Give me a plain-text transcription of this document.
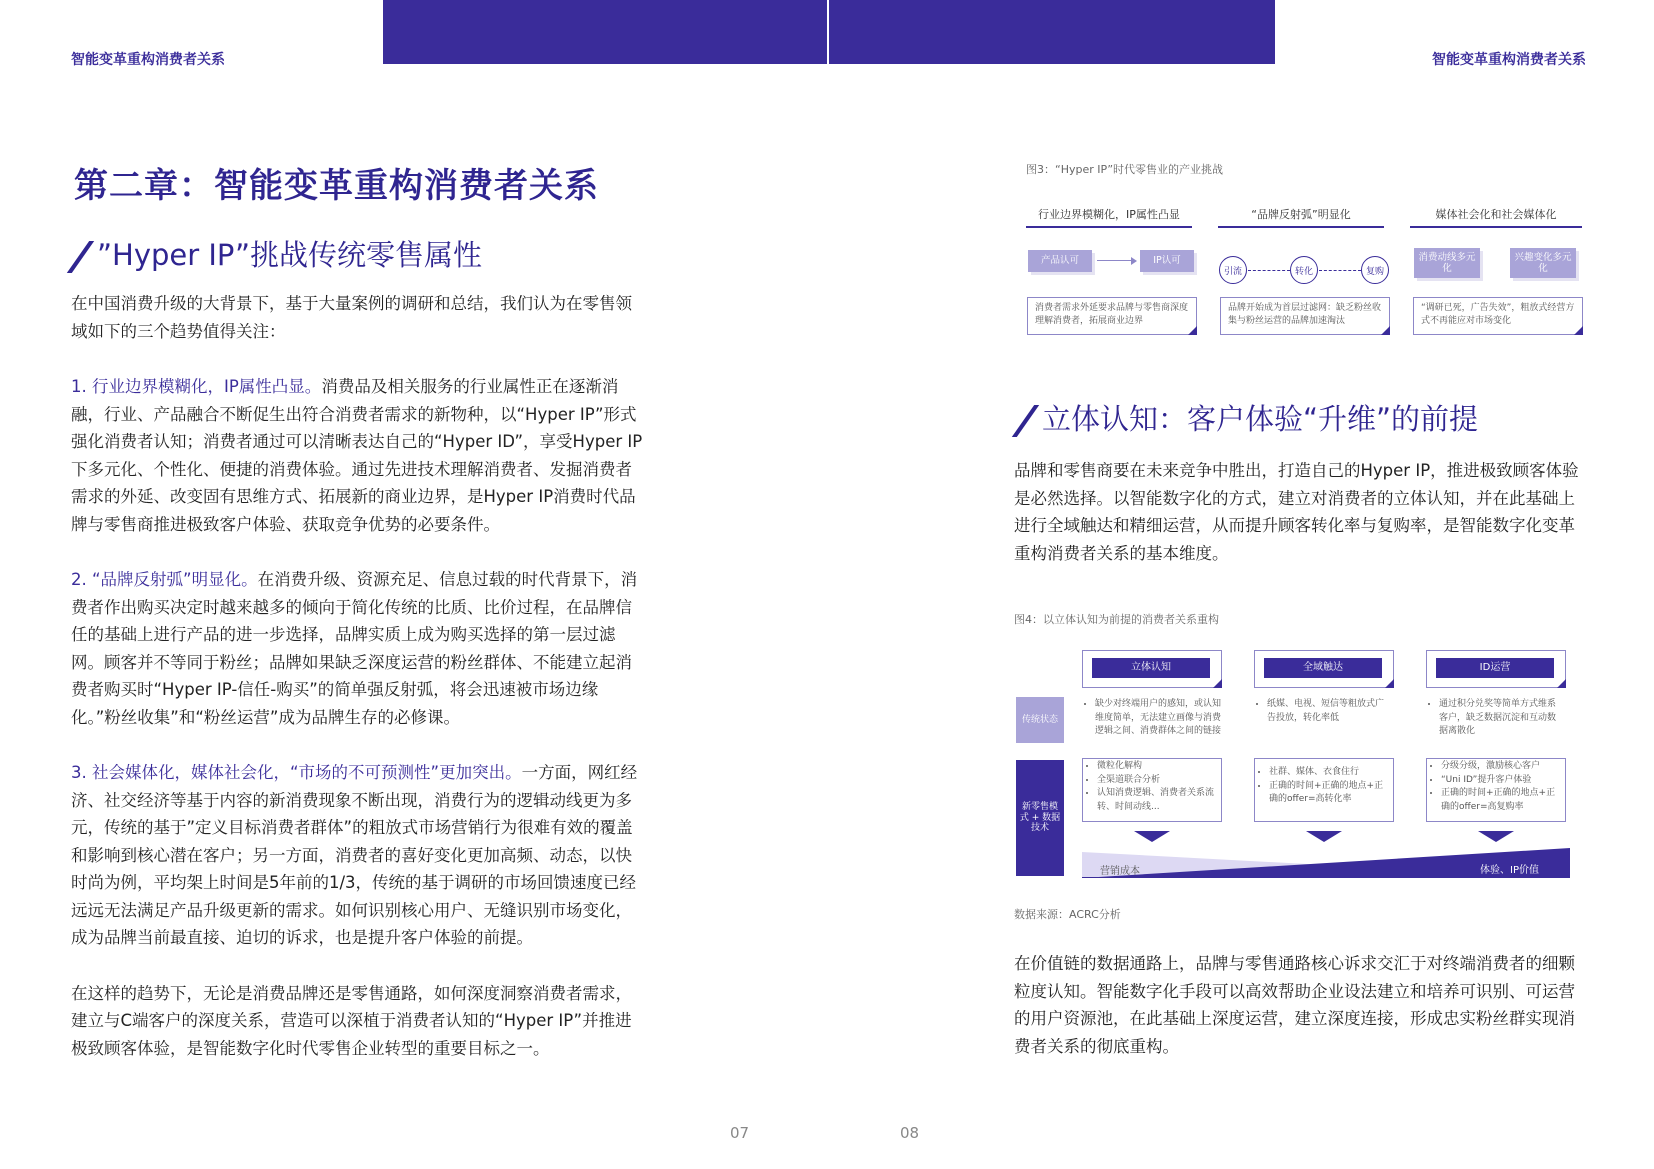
智能变革重构消费者关系	智能变革重构消费者关系
第二章：智能变革重构消费者关系
”Hyper IP”挑战传统零售属性

在中国消费升级的大背景下，基于大量案例的调研和总结，我们认为在零售领域如下的三个趋势值得关注：

1. 行业边界模糊化，IP属性凸显。消费品及相关服务的行业属性正在逐渐消融，行业、产品融合不断促生出符合消费者需求的新物种，以“Hyper IP”形式强化消费者认知；消费者通过可以清晰表达自己的“Hyper ID”，享受Hyper IP下多元化、个性化、便捷的消费体验。通过先进技术理解消费者、发掘消费者需求的外延、改变固有思维方式、拓展新的商业边界，是Hyper IP消费时代品牌与零售商推进极致客户体验、获取竞争优势的必要条件。

2. “品牌反射弧”明显化。在消费升级、资源充足、信息过载的时代背景下，消费者作出购买决定时越来越多的倾向于简化传统的比质、比价过程，在品牌信任的基础上进行产品的进一步选择，品牌实质上成为购买选择的第一层过滤网。顾客并不等同于粉丝；品牌如果缺乏深度运营的粉丝群体、不能建立起消费者购买时“Hyper IP-信任-购买”的简单强反射弧，将会迅速被市场边缘化。”粉丝收集”和“粉丝运营”成为品牌生存的必修课。

3. 社会媒体化，媒体社会化，“市场的不可预测性”更加突出。一方面，网红经济、社交经济等基于内容的新消费现象不断出现，消费行为的逻辑动线更为多元，传统的基于”定义目标消费者群体”的粗放式市场营销行为很难有效的覆盖和影响到核心潜在客户；另一方面，消费者的喜好变化更加高频、动态，以快时尚为例，平均架上时间是5年前的1/3，传统的基于调研的市场回馈速度已经远远无法满足产品升级更新的需求。如何识别核心用户、无缝识别市场变化，成为品牌当前最直接、迫切的诉求，也是提升客户体验的前提。

在这样的趋势下，无论是消费品牌还是零售通路，如何深度洞察消费者需求，建立与C端客户的深度关系，营造可以深植于消费者认知的“Hyper IP”并推进极致顾客体验，是智能数字化时代零售企业转型的重要目标之一。

07
图3：“Hyper IP”时代零售业的产业挑战
行业边界模糊化，IP属性凸显	“品牌反射弧”明显化	媒体社会化和社会媒体化
产品认可	IP认可
消费者需求外延要求品牌与零售商深度理解消费者，拓展商业边界
引流	转化	复购
品牌开始成为首层过滤网：缺乏粉丝收集与粉丝运营的品牌加速淘汰
消费动线多元化
兴趣变化多元化
“调研已死，广告失效”，粗放式经营方式不再能应对市场变化
立体认知：客户体验“升维”的前提
品牌和零售商要在未来竞争中胜出，打造自己的Hyper IP，推进极致顾客体验是必然选择。以智能数字化的方式，建立对消费者的立体认知，并在此基础上进行全域触达和精细运营，从而提升顾客转化率与复购率，是智能数字化变革重构消费者关系的基本维度。
图4：以立体认知为前提的消费者关系重构
传统状态
新零售模式 + 数据技术
立体认知
• 缺少对终端用户的感知，或认知维度简单，无法建立画像与消费逻辑之间、消费群体之间的链接
• 微粒化解构
• 全渠道联合分析
• 认知消费逻辑、消费者关系流转、时间动线...
全域触达
• 纸媒、电视、短信等粗放式广告投放，转化率低
• 社群、媒体、衣食住行
• 正确的时间+正确的地点+正确的offer=高转化率
ID运营
• 通过积分兑奖等简单方式维系客户，缺乏数据沉淀和互动数据离散化
• 分级分级，激励核心客户
• “Uni ID”提升客户体验
• 正确的时间+正确的地点+正确的offer=高复购率
营销成本	体验、IP价值
数据来源：ACRC分析
在价值链的数据通路上，品牌与零售通路核心诉求交汇于对终端消费者的细颗粒度认知。智能数字化手段可以高效帮助企业设法建立和培养可识别、可运营的用户资源池，在此基础上深度运营，建立深度连接，形成忠实粉丝群实现消费者关系的彻底重构。
08
